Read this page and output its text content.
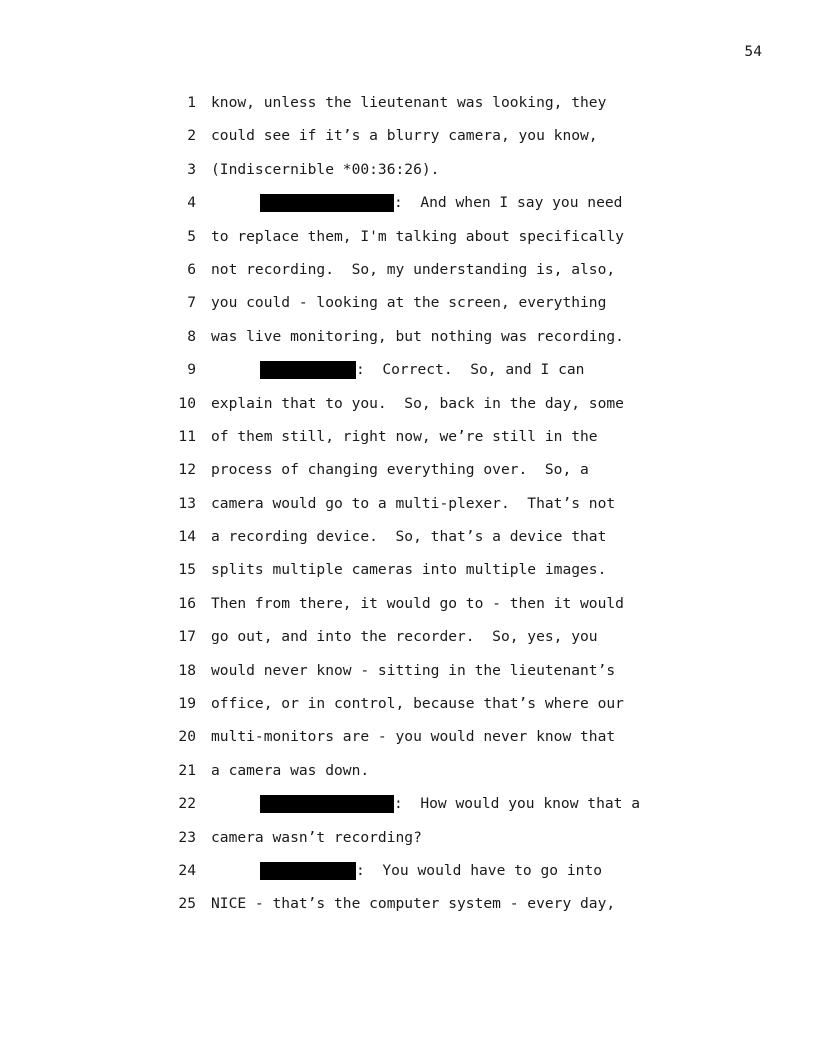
54
1 know, unless the lieutenant was looking, they
2 could see if it’s a blurry camera, you know,
3 (Indiscernible *00:36:26).
4	:  And when I say you need
5 to replace them, I'm talking about specifically
6 not recording.  So, my understanding is, also,
7 you could - looking at the screen, everything
8 was live monitoring, but nothing was recording.
9	:  Correct.  So, and I can
10 explain that to you.  So, back in the day, some
11 of them still, right now, we’re still in the
12 process of changing everything over.  So, a
13 camera would go to a multi-plexer.  That’s not
14 a recording device.  So, that’s a device that
15 splits multiple cameras into multiple images.
16 Then from there, it would go to - then it would
17 go out, and into the recorder.  So, yes, you
18 would never know - sitting in the lieutenant’s
19 office, or in control, because that’s where our
20 multi-monitors are - you would never know that
21 a camera was down.
22	:  How would you know that a
23 camera wasn’t recording?
24	:  You would have to go into
25 NICE - that’s the computer system - every day,
